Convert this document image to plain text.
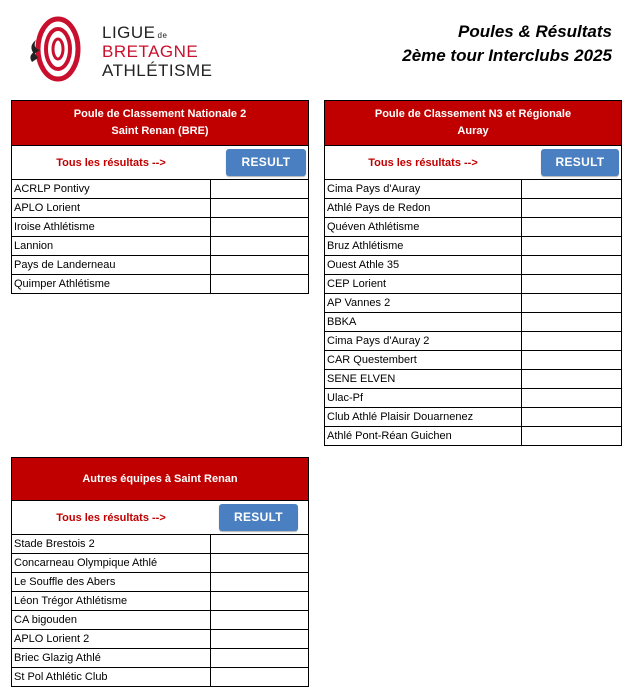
LIGUE de
BRETAGNE
ATHLÉTISME
Poules & Résultats
2ème tour Interclubs 2025
Poule de Classement Nationale 2
Saint Renan (BRE)
Tous les résultats -->	RESULT
ACRLP Pontivy
APLO Lorient
Iroise Athlétisme
Lannion
Pays de Landerneau
Quimper Athlétisme
Poule de Classement N3 et Régionale
Auray
Tous les résultats -->	RESULT
Cima Pays d'Auray
Athlé Pays de Redon
Quéven Athlétisme
Bruz Athlétisme
Ouest Athle 35
CEP Lorient
AP Vannes 2
BBKA
Cima Pays d'Auray 2
CAR Questembert
SENE ELVEN
Ulac-Pf
Club Athlé Plaisir Douarnenez
Athlé Pont-Réan Guichen
Autres équipes à Saint Renan
Tous les résultats -->	RESULT
Stade Brestois 2
Concarneau Olympique Athlé
Le Souffle des Abers
Léon Trégor Athlétisme
CA bigouden
APLO Lorient 2
Briec Glazig Athlé
St Pol Athlétic Club
